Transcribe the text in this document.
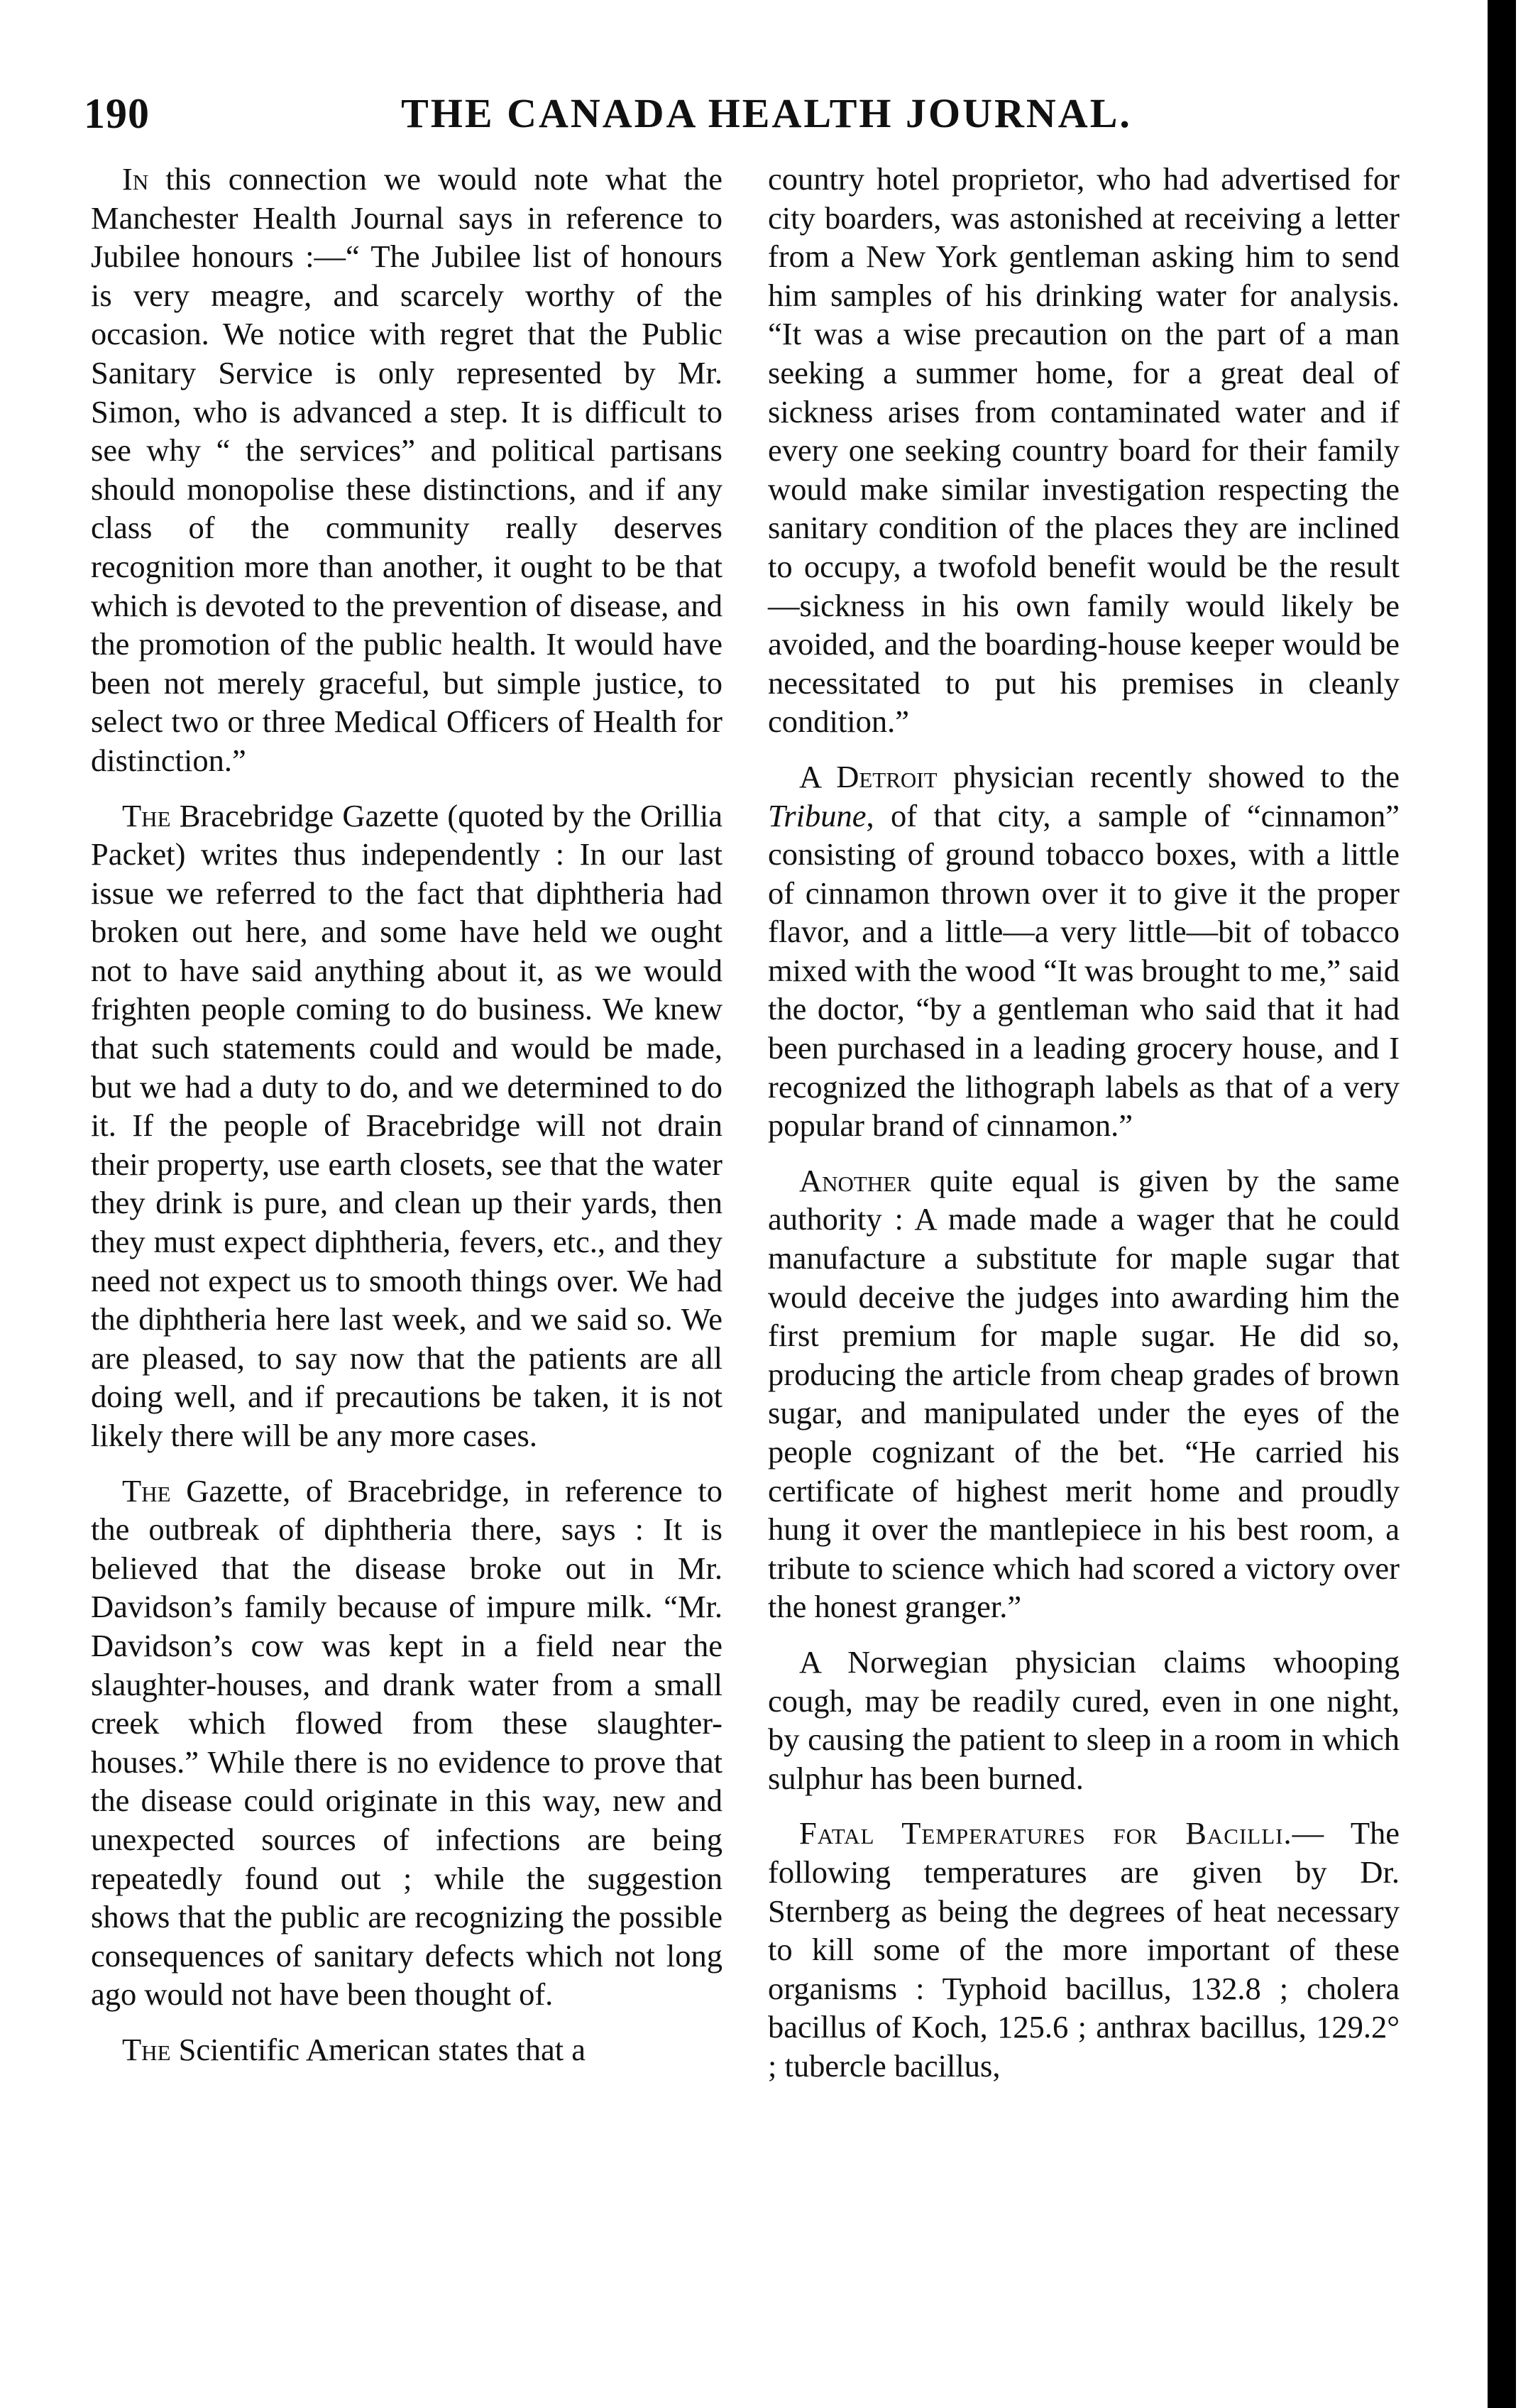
190	THE CANADA HEALTH JOURNAL.

In this connection we would note what the Manchester Health Journal says in reference to Jubilee honours :—“ The Jubilee list of honours is very meagre, and scarcely worthy of the occasion. We notice with regret that the Public Sanitary Service is only represented by Mr. Simon, who is advanced a step. It is difficult to see why “ the services” and political partisans should monopolise these distinctions, and if any class of the community really deserves recognition more than another, it ought to be that which is devoted to the prevention of disease, and the promotion of the public health. It would have been not merely graceful, but simple justice, to select two or three Medical Officers of Health for distinction.”

The Bracebridge Gazette (quoted by the Orillia Packet) writes thus independently : In our last issue we referred to the fact that diphtheria had broken out here, and some have held we ought not to have said anything about it, as we would frighten people coming to do business. We knew that such statements could and would be made, but we had a duty to do, and we determined to do it. If the people of Bracebridge will not drain their property, use earth closets, see that the water they drink is pure, and clean up their yards, then they must expect diphtheria, fevers, etc., and they need not expect us to smooth things over. We had the diphtheria here last week, and we said so. We are pleased, to say now that the patients are all doing well, and if precautions be taken, it is not likely there will be any more cases.

The Gazette, of Bracebridge, in reference to the outbreak of diphtheria there, says : It is believed that the disease broke out in Mr. Davidson’s family because of impure milk. “Mr. Davidson’s cow was kept in a field near the slaughter-houses, and drank water from a small creek which flowed from these slaughter-houses.” While there is no evidence to prove that the disease could originate in this way, new and unexpected sources of infections are being repeatedly found out ; while the suggestion shows that the public are recognizing the possible consequences of sanitary defects which not long ago would not have been thought of.

The Scientific American states that a

country hotel proprietor, who had advertised for city boarders, was astonished at receiving a letter from a New York gentleman asking him to send him samples of his drinking water for analysis. “It was a wise precaution on the part of a man seeking a summer home, for a great deal of sickness arises from contaminated water and if every one seeking country board for their family would make similar investigation respecting the sanitary condition of the places they are inclined to occupy, a twofold benefit would be the result—sickness in his own family would likely be avoided, and the boarding-house keeper would be necessitated to put his premises in cleanly condition.”

A Detroit physician recently showed to the Tribune, of that city, a sample of “cinnamon” consisting of ground tobacco boxes, with a little of cinnamon thrown over it to give it the proper flavor, and a little—a very little—bit of tobacco mixed with the wood “It was brought to me,” said the doctor, “by a gentleman who said that it had been purchased in a leading grocery house, and I recognized the lithograph labels as that of a very popular brand of cinnamon.”

Another quite equal is given by the same authority : A made made a wager that he could manufacture a substitute for maple sugar that would deceive the judges into awarding him the first premium for maple sugar. He did so, producing the article from cheap grades of brown sugar, and manipulated under the eyes of the people cognizant of the bet. “He carried his certificate of highest merit home and proudly hung it over the mantlepiece in his best room, a tribute to science which had scored a victory over the honest granger.”

A Norwegian physician claims whooping cough, may be readily cured, even in one night, by causing the patient to sleep in a room in which sulphur has been burned.

Fatal Temperatures for Bacilli.— The following temperatures are given by Dr. Sternberg as being the degrees of heat necessary to kill some of the more important of these organisms : Typhoid bacillus, 132.8 ; cholera bacillus of Koch, 125.6 ; anthrax bacillus, 129.2° ; tubercle bacillus,
